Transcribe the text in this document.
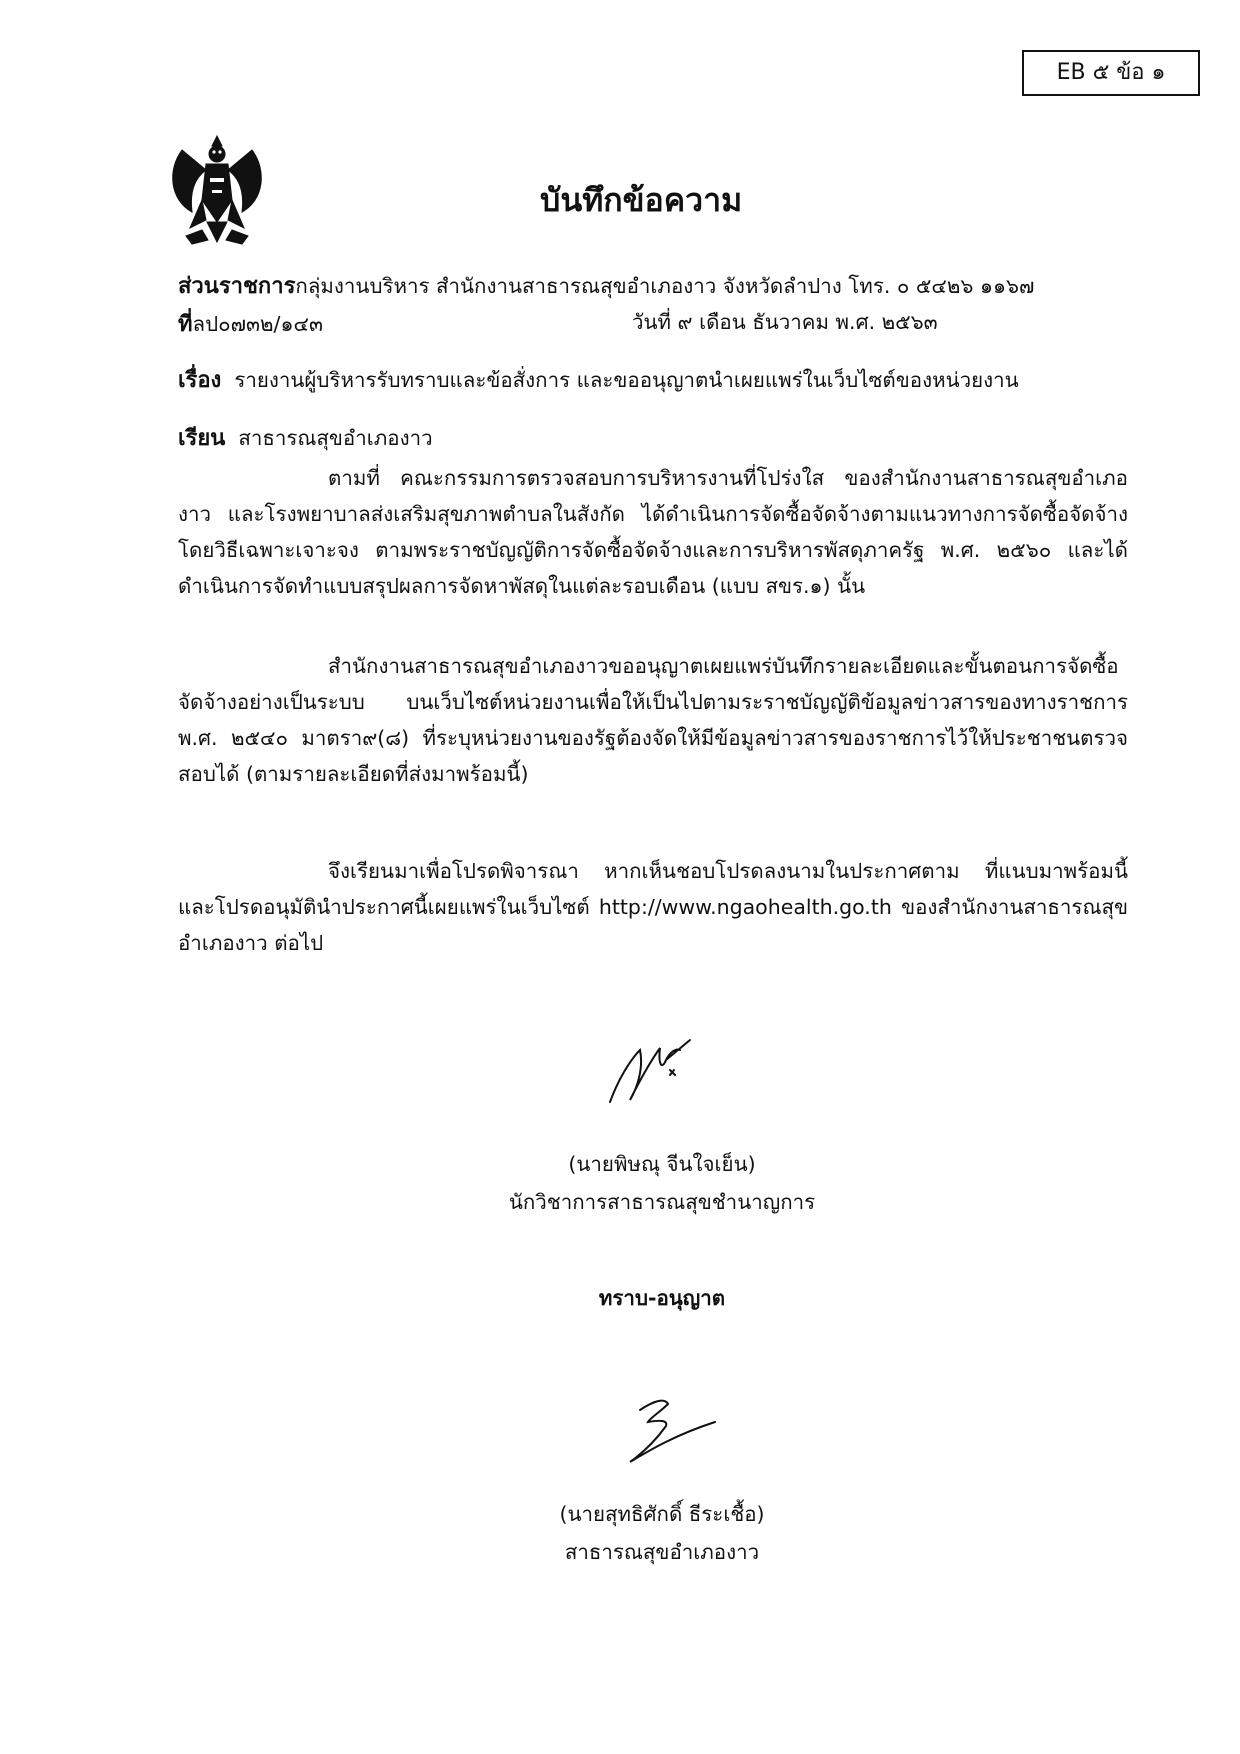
EB ๕ ข้อ ๑
บันทึกข้อความ
ส่วนราชการกลุ่มงานบริหาร สำนักงานสาธารณสุขอำเภองาว จังหวัดลำปาง โทร. ๐ ๕๔๒๖ ๑๑๖๗
ที่ลป๐๗๓๒/๑๔๓	วันที่ ๙ เดือน ธันวาคม พ.ศ. ๒๕๖๓
เรื่อง รายงานผู้บริหารรับทราบและข้อสั่งการ และขออนุญาตนำเผยแพร่ในเว็บไซต์ของหน่วยงาน
เรียน สาธารณสุขอำเภองาว

ตามที่ คณะกรรมการตรวจสอบการบริหารงานที่โปร่งใส ของสำนักงานสาธารณสุขอำเภองาว และโรงพยาบาลส่งเสริมสุขภาพตำบลในสังกัด ได้ดำเนินการจัดซื้อจัดจ้างตามแนวทางการจัดซื้อจัดจ้างโดยวิธีเฉพาะเจาะจง ตามพระราชบัญญัติการจัดซื้อจัดจ้างและการบริหารพัสดุภาครัฐ พ.ศ. ๒๕๖๐ และได้ดำเนินการจัดทำแบบสรุปผลการจัดหาพัสดุในแต่ละรอบเดือน (แบบ สขร.๑) นั้น

สำนักงานสาธารณสุขอำเภองาวขออนุญาตเผยแพร่บันทึกรายละเอียดและขั้นตอนการจัดซื้อจัดจ้างอย่างเป็นระบบ บนเว็บไซต์หน่วยงานเพื่อให้เป็นไปตามระราชบัญญัติข้อมูลข่าวสารของทางราชการ พ.ศ. ๒๕๔๐ มาตรา๙(๘) ที่ระบุหน่วยงานของรัฐต้องจัดให้มีข้อมูลข่าวสารของราชการไว้ให้ประชาชนตรวจสอบได้ (ตามรายละเอียดที่ส่งมาพร้อมนี้)

จึงเรียนมาเพื่อโปรดพิจารณา หากเห็นชอบโปรดลงนามในประกาศตาม ที่แนบมาพร้อมนี้ และโปรดอนุมัตินำประกาศนี้เผยแพร่ในเว็บไซต์ http://www.ngaohealth.go.th ของสำนักงานสาธารณสุขอำเภองาว ต่อไป

(นายพิษณุ จีนใจเย็น)
นักวิชาการสาธารณสุขชำนาญการ
ทราบ-อนุญาต
(นายสุทธิศักดิ์ ธีระเชื้อ)
สาธารณสุขอำเภองาว
